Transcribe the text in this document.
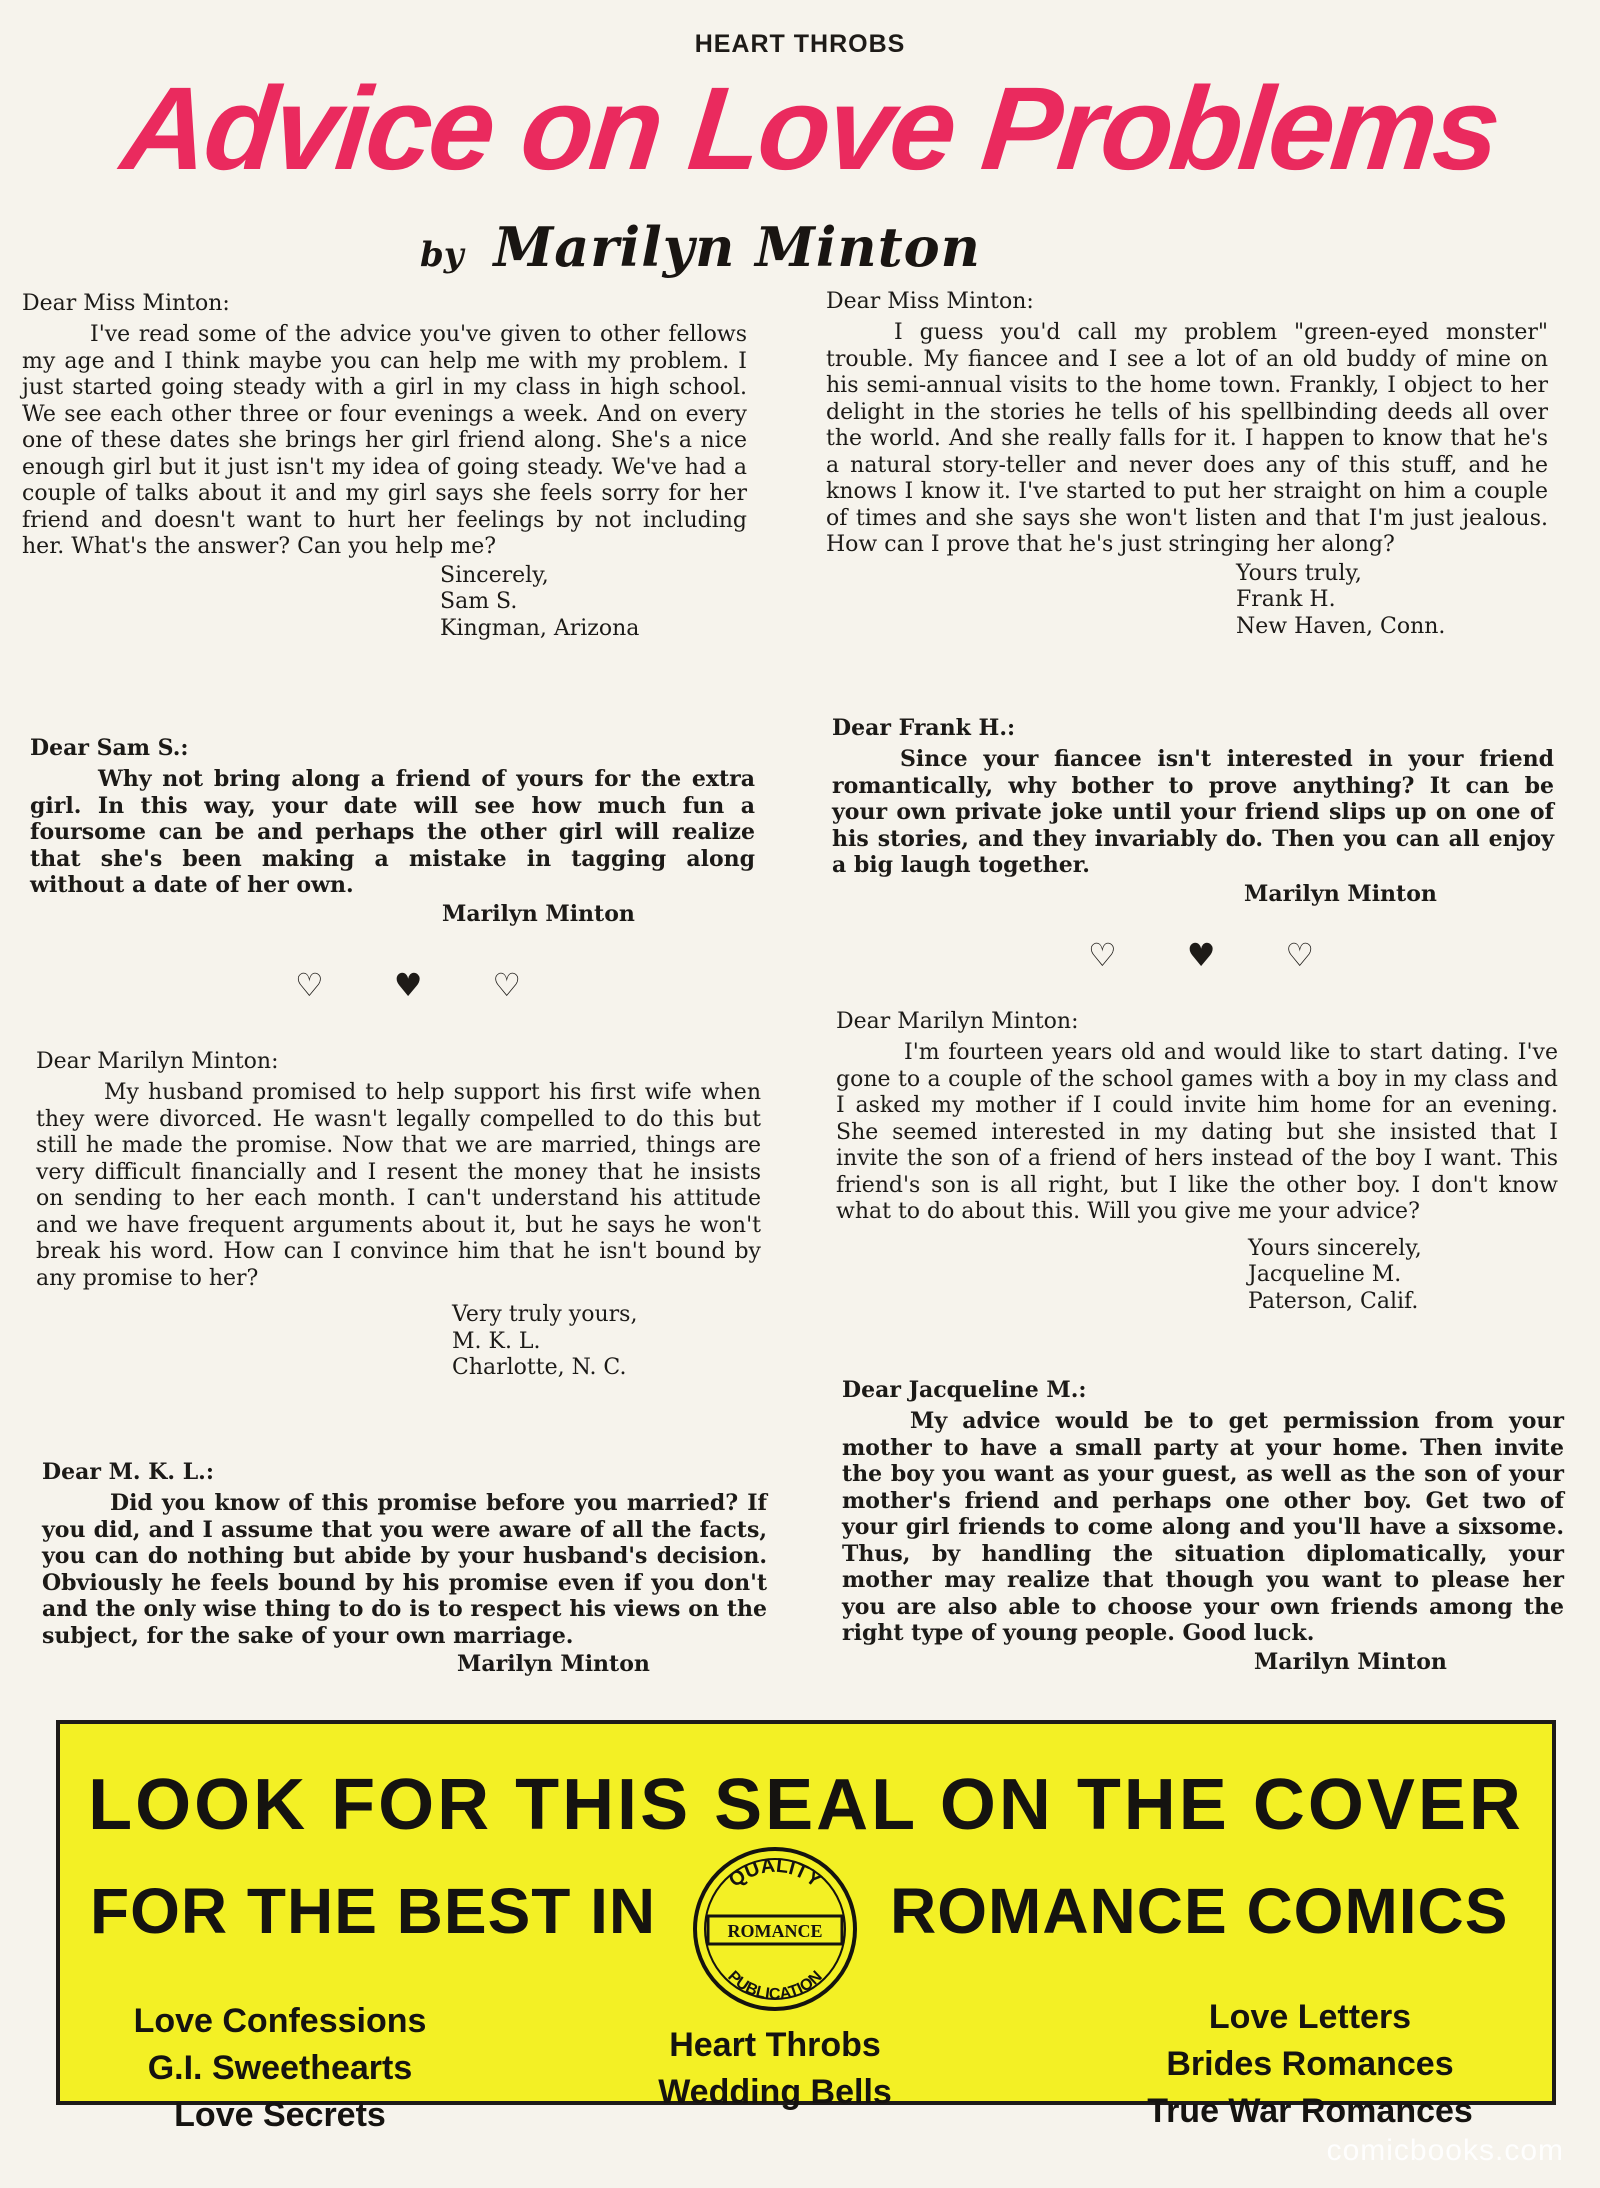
HEART THROBS
Advice on Love Problems
by Marilyn Minton
Dear Miss Minton:

I've read some of the advice you've given to other fellows my age and I think maybe you can help me with my problem. I just started going steady with a girl in my class in high school. We see each other three or four evenings a week. And on every one of these dates she brings her girl friend along. She's a nice enough girl but it just isn't my idea of going steady. We've had a couple of talks about it and my girl says she feels sorry for her friend and doesn't want to hurt her feelings by not including her. What's the answer? Can you help me?

Sincerely,
Sam S.
Kingman, Arizona
Dear Sam S.:

Why not bring along a friend of yours for the extra girl. In this way, your date will see how much fun a foursome can be and perhaps the other girl will realize that she's been making a mistake in tagging along without a date of her own.

Marilyn Minton
♡♥♡
Dear Marilyn Minton:

My husband promised to help support his first wife when they were divorced. He wasn't legally compelled to do this but still he made the promise. Now that we are married, things are very difficult financially and I resent the money that he insists on sending to her each month. I can't understand his attitude and we have frequent arguments about it, but he says he won't break his word. How can I convince him that he isn't bound by any promise to her?

Very truly yours,
M. K. L.
Charlotte, N. C.
Dear M. K. L.:

Did you know of this promise before you married? If you did, and I assume that you were aware of all the facts, you can do nothing but abide by your husband's decision. Obviously he feels bound by his promise even if you don't and the only wise thing to do is to respect his views on the subject, for the sake of your own marriage.

Marilyn Minton
Dear Miss Minton:

I guess you'd call my problem "green-eyed monster" trouble. My fiancee and I see a lot of an old buddy of mine on his semi-annual visits to the home town. Frankly, I object to her delight in the stories he tells of his spellbinding deeds all over the world. And she really falls for it. I happen to know that he's a natural story-teller and never does any of this stuff, and he knows I know it. I've started to put her straight on him a couple of times and she says she won't listen and that I'm just jealous. How can I prove that he's just stringing her along?

Yours truly,
Frank H.
New Haven, Conn.
Dear Frank H.:

Since your fiancee isn't interested in your friend romantically, why bother to prove anything? It can be your own private joke until your friend slips up on one of his stories, and they invariably do. Then you can all enjoy a big laugh together.

Marilyn Minton
♡♥♡
Dear Marilyn Minton:

I'm fourteen years old and would like to start dating. I've gone to a couple of the school games with a boy in my class and I asked my mother if I could invite him home for an evening. She seemed interested in my dating but she insisted that I invite the son of a friend of hers instead of the boy I want. This friend's son is all right, but I like the other boy. I don't know what to do about this. Will you give me your advice?

Yours sincerely,
Jacqueline M.
Paterson, Calif.
Dear Jacqueline M.:

My advice would be to get permission from your mother to have a small party at your home. Then invite the boy you want as your guest, as well as the son of your mother's friend and perhaps one other boy. Get two of your girl friends to come along and you'll have a sixsome. Thus, by handling the situation diplomatically, your mother may realize that though you want to please her you are also able to choose your own friends among the right type of young people. Good luck.

Marilyn Minton
LOOK FOR THIS SEAL ON THE COVER
FOR THE BEST IN	QUALITY
ROMANCE
PUBLICATION
ROMANCE COMICS
Love Confessions
G.I. Sweethearts
Love Secrets
Heart Throbs
Wedding Bells
Love Letters
Brides Romances
True War Romances
comicbooks.com
